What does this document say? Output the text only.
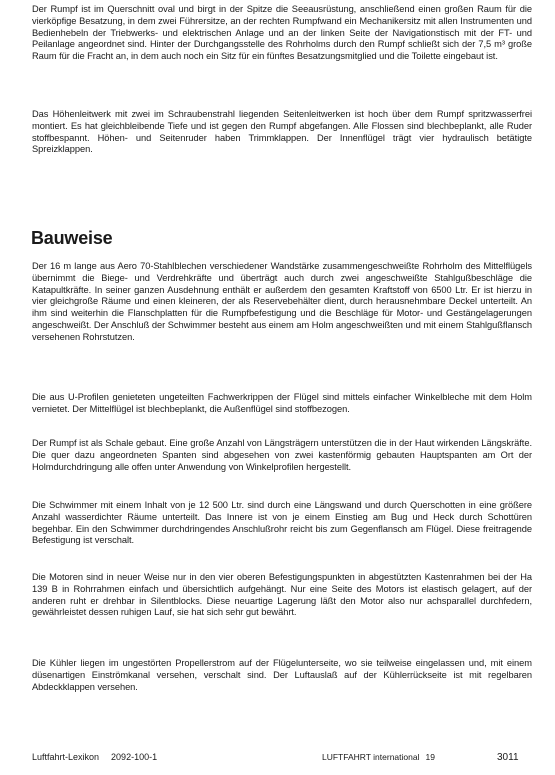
Der Rumpf ist im Querschnitt oval und birgt in der Spitze die Seeausrüstung, anschließend einen großen Raum für die vierköpfige Besatzung, in dem zwei Führersitze, an der rechten Rumpfwand ein Mechanikersitz mit allen Instrumenten und Bedienhebeln der Triebwerks- und elektrischen Anlage und an der linken Seite der Navigationstisch mit der FT- und Peilanlage angeordnet sind. Hinter der Durchgangsstelle des Rohrholms durch den Rumpf schließt sich der 7,5 m³ große Raum für die Fracht an, in dem auch noch ein Sitz für ein fünftes Besatzungsmitglied und die Toilette eingebaut ist.

Das Höhenleitwerk mit zwei im Schraubenstrahl liegenden Seitenleitwerken ist hoch über dem Rumpf spritzwasserfrei montiert. Es hat gleichbleibende Tiefe und ist gegen den Rumpf abgefangen. Alle Flossen sind blechbeplankt, alle Ruder stoffbespannt. Höhen- und Seitenruder haben Trimmklappen. Der Innenflügel trägt vier hydraulisch betätigte Spreizklappen.

Bauweise

Der 16 m lange aus Aero 70-Stahlblechen verschiedener Wandstärke zusammengeschweißte Rohrholm des Mittelflügels übernimmt die Biege- und Verdrehkräfte und überträgt auch durch zwei angeschweißte Stahlgußbeschläge die Katapultkräfte. In seiner ganzen Ausdehnung enthält er außerdem den gesamten Kraftstoff von 6500 Ltr. Er ist hierzu in vier gleichgroße Räume und einen kleineren, der als Reservebehälter dient, durch herausnehmbare Deckel unterteilt. An ihm sind weiterhin die Flanschplatten für die Rumpfbefestigung und die Beschläge für Motor- und Gestängelagerungen angeschweißt. Der Anschluß der Schwimmer besteht aus einem am Holm angeschweißten und mit einem Stahlgußflansch versehenen Rohrstutzen.

Die aus U-Profilen genieteten ungeteilten Fachwerkrippen der Flügel sind mittels einfacher Winkelbleche mit dem Holm vernietet. Der Mittelflügel ist blechbeplankt, die Außenflügel sind stoffbezogen.

Der Rumpf ist als Schale gebaut. Eine große Anzahl von Längsträgern unterstützen die in der Haut wirkenden Längskräfte. Die quer dazu angeordneten Spanten sind abgesehen von zwei kastenförmig gebauten Hauptspanten am Ort der Holmdurchdringung alle offen unter Anwendung von Winkelprofilen hergestellt.

Die Schwimmer mit einem Inhalt von je 12 500 Ltr. sind durch eine Längswand und durch Querschotten in eine größere Anzahl wasserdichter Räume unterteilt. Das Innere ist von je einem Einstieg am Bug und Heck durch Schottüren begehbar. Ein den Schwimmer durchdringendes Anschlußrohr reicht bis zum Gegenflansch am Flügel. Diese freitragende Befestigung ist verschalt.

Die Motoren sind in neuer Weise nur in den vier oberen Befestigungspunkten in abgestützten Kastenrahmen bei der Ha 139 B in Rohrrahmen einfach und übersichtlich aufgehängt. Nur eine Seite des Motors ist elastisch gelagert, auf der anderen ruht er drehbar in Silentblocks. Diese neuartige Lagerung läßt den Motor also nur achsparallel durchfedern, gewährleistet dessen ruhigen Lauf, sie hat sich sehr gut bewährt.

Die Kühler liegen im ungestörten Propellerstrom auf der Flügelunterseite, wo sie teilweise eingelassen und, mit einem düsenartigen Einströmkanal versehen, verschalt sind. Der Luftauslaß auf der Kühlerrückseite ist mit regelbaren Abdeckklappen versehen.

Luftfahrt-Lexikon 2092-100-1	LUFTFAHRT international 19	3011
